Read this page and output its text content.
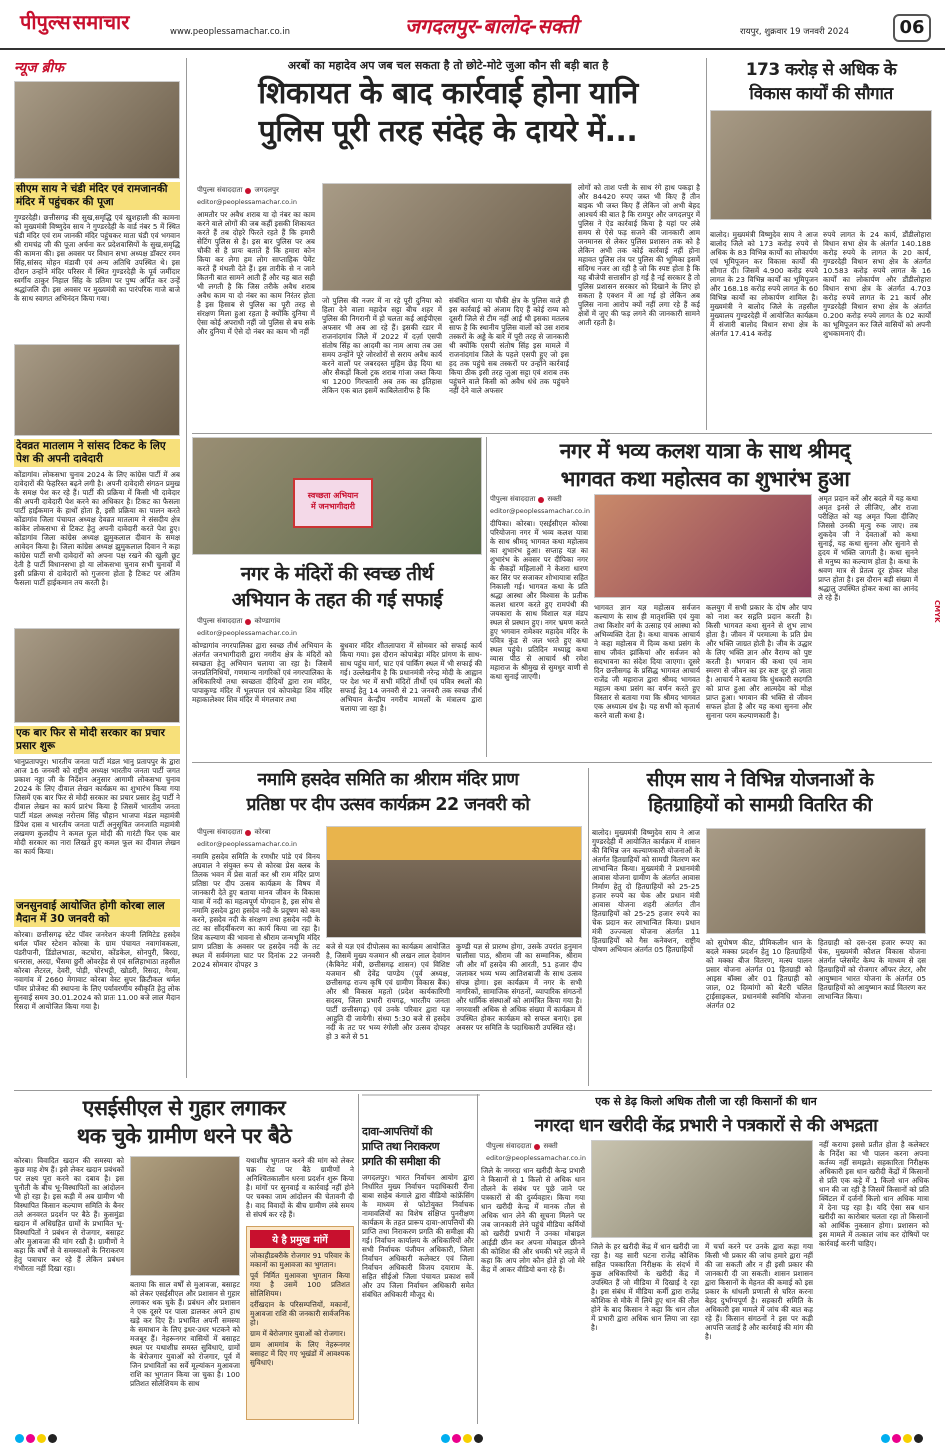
पीपुल्स समाचार	www.peoplessamachar.co.in	जगदलपुर-बालोद-सक्ती	रायपुर, शुक्रवार 19 जनवरी 2024	06
न्यूज ब्रीफ
सीएम साय ने चंडी मंदिर एवं रामजानकी मंदिर में पहुंचकर की पूजा
गुण्डरदेही। छत्तीसगढ़ की सुख,समृद्धि एवं खुशहाली की कामना को मुख्यमंत्री विष्णुदेव साय ने गुण्डरदेही के वार्ड नंबर 5 में स्थित चंडी मंदिर एवं राम जानकी मंदिर पहुंचकर माता चंडी एवं भगवान श्री रामचंद्र जी की पूजा अर्चना कर प्रदेशवासियों के सुख,समृद्धि की कामना की। इस अवसर पर विधान सभा अध्यक्ष डॉक्टर रमन सिंह,सांसद मोहन मंडावी एवं अन्य अतिथि उपस्थित थे। इस दौरान उन्होंने मंदिर परिसर में स्थित गुण्डरदेही के पूर्व जमींदार स्वर्गीय ठाकुर निहाल सिंह के प्रतिमा पर पुष्प अर्पित कर उन्हें श्रद्धांजलि दी। इस अवसर पर मुख्यमंत्री का पारंपरिक गाजे बाजे के साथ स्वागत अभिनंदन किया गया।
देवव्रत मातलाम ने सांसद टिकट के लिए पेश की अपनी दावेदारी
कोंडागांव। लोकसभा चुनाव 2024 के लिए कांग्रेस पार्टी में अब दावेदारों की फेहरिस्त बढ़ने लगी है। अपनी दावेदारी संगठन प्रमुख के समक्ष पेश कर रहे हैं। पार्टी की प्रक्रिया में किसी भी दावेदार की अपनी दावेदारी पेश करने का अधिकार है। टिकट का फैसला पार्टी हाईकमान के हाथों होता है, इसी प्रक्रिया का पालन करते कोंडागांव जिला पंचायत अध्यक्ष देवव्रत मातलाम ने संसदीय क्षेत्र कांकेर लोकसभा से टिकट हेतु अपनी दावेदारी करते पेश हुए। कोंडागांव जिला कांग्रेस अध्यक्ष झुमुकलाल दीवान के समक्ष आवेदन किया है। जिला कांग्रेस अध्यक्ष झुमुकलाल दिवान ने कहा कांग्रेस पार्टी सभी दावेदारों को अपना पक्ष रखने की खुली छूट देती है पार्टी विधानसभा हो या लोकसभा चुनाव सभी चुनावों में इसी प्रक्रिया से दावेदारों को गुजरना होता है टिकट पर अंतिम फैसला पार्टी हाईकमान तय करती है।
एक बार फिर से मोदी सरकार का प्रचार प्रसार शुरू
भानुप्रतापपुर। भारतीय जनता पार्टी मंडल भानु प्रतापपुर के द्वारा आज 16 जनवरी को राष्ट्रीय अध्यक्ष भारतीय जनता पार्टी जगत प्रकाश नड्डा जी के निर्देशन अनुसार आगामी लोकसभा चुनाव 2024 के लिए दीवाल लेखन कार्यक्रम का शुभारंभ किया गया जिसमें एक बार फिर से मोदी सरकार का प्रचार प्रसार हेतु पार्टी ने दीवाल लेखन का कार्य प्रारंभ किया है जिसमें भारतीय जनता पार्टी मंडल अध्यक्ष नरोत्तम सिंह चौहान भाजपा मंडल महामंत्री डिंपेश दास व भारतीय जनता पार्टी अनुसूचित जनजाति महामंत्री लखमण कुलदीप ने कमल फूल मोदी की गारंटी फिर एक बार मोदी सरकार का नारा लिखते हुए कमल फूल का दीवाल लेखन का कार्य किया।
जनसुनवाई आयोजित होगी कोरबा लाल मैदान में 30 जनवरी को
कोरबा। छत्तीसगढ़ स्टेट पॉवर जनरेशन कंपनी लिमिटेड हसदेव थर्मल पॉवर स्टेशन कोरबा के ग्राम पंचायत नवागांवकला, पंडरीपानी, डिंडोलभाठा, कटघोरा, कोंडकेल, सोनपुरी, बिरदा, धनरास, अरदा, भैंसमा छुरी ओवरहेड से एवं सलिहाभाठा तहसील कोरबा लैटरल, देवरी, पोड़ी, चोरभट्टी, खोडरी, रिसदा, गेरवा, नवागांव में 2660 मेगावाट कोरबा वेस्ट सुपर क्रिटीकल थर्मल पॉवर प्रोजेक्ट की स्थापना के लिए पर्यावरणीय स्वीकृति हेतु लोक सुनवाई समय 30.01.2024 को प्रातः 11.00 बजे लाल मैदान रिसदा में आयोजित किया गया है।
अरबों का महादेव अप जब चल सकता है तो छोटे-मोटे जुआ कौन सी बड़ी बात है
शिकायत के बाद कार्रवाई होना यानि
पुलिस पूरी तरह संदेह के दायरे में...
पीपुल्स संवाददाता जगदलपुर
editor@peoplessamachar.co.in
आमतौर पर अवैध शराब या दो नंबर का काम करने वाले लोगों की जब कहीं इसकी शिकायत करते हैं तब दोहरे फिरते रहते हैं कि हमारी सेटिंग पुलिस से है। इस बार पुलिस पर अब चौकी से है प्रायः बताते हैं कि हमारा कोन किया कर लेगा हम लोग साप्ताहिक पेमेंट करते हैं मंथली देते हैं। इस तारीके से न जाने कितनी बात सामने आती हैं और यह बात सही भी लगती है कि जिस तरीके अवैध शराब अवैध काम या दो नंबर का काम निरंतर होता है इस हिसाब से पुलिस का पूरी तरह से संरक्षण मिला हुआ रहता है क्योंकि दुनिया में ऐसा कोई अपराधी नहीं जो पुलिस से बच सके और दुनिया में ऐसे दो नंबर का काम भी नहीं
जो पुलिस की नजर में ना रहे पूरी दुनिया को हिला देने वाला महादेव सट्टा बीच शहर में पुलिस की निगरानी में हो चलता कई आईपीएस अफसर भी अब आ रहे हैं। इसकी रडार में राजनांदगांव जिले में 2022 में दर्ज़ा एसपी संतोष सिंह का आदमी का नाम आया तब उस समय उन्होंने पूरे जोरशोरों से सराय अवैध कार्य करने वालों पर जबरदस्त मुहिम छेड़ दिया था और सैकड़ों किलो ट्रक शराब गांजा जब्त किया था 1200 गिरफ्तारी अब तक का इतिहास लेकिन एक बात इसमें काबिलेतारीफ है कि
संबंधित थाना या चौकी क्षेत्र के पुलिस वाले ही इस कार्रवाई को अंजाम दिए हैं कोई राय्य को दूसरी जिले से टीम नहीं आई थी इसका मतलब साफ है कि स्थानीय पुलिस वालों को उस शराब तस्करों के अड्डे के बारे में पूरी तरह से जानकारी थी क्योंकि एसपी संतोष सिंह इस मामले में राजनांदगांव जिले के पहले एसपी हुए जो इस हद तक पहुंचे सब तस्करों पर उन्होंने कार्रवाई किया ठीक इसी तरह जुआ सट्टा एवं शराब तक पहुंचने वाले किसी को अवैध धंधे तक पहुंचने नहीं देने वाले अफसर
लोगों को ताश पत्ती के साथ रंगे हाथ पकड़ा है और 84420 रुपए जब्त भी किए हैं तीन बाइक भी जब्त किए हैं लेकिन जो अभी बेहद आश्चर्य की बात है कि रामपुर और जगदलपुर में पुलिस ने ऐड कार्रवाई किया है यहां पर लंबे समय से ऐसे फड़ सजने की जानकारी आम जनमानस से लेकर पुलिस प्रशासन तक को है लेकिन अभी तक कोई कार्रवाई नहीं होना महावत पुलिस तंत्र पर पुलिस की भूमिका इसमें संदिग्ध नजर आ रही है जो कि स्पष्ट होता है कि यह बीजेपी सत्तासीन हो गई है नई सरकार है तो पुलिस प्रशासन सरकार को दिखाने के लिए हो सकता है एक्शन में आ गई हो लेकिन अब पुलिस नाना आरोप क्यों नहीं लगा रहे हैं कई क्षेत्रों में जुए की फड़ लगने की जानकारी सामने आती रहती है।
173 करोड़ से अधिक के
विकास कार्यों की सौगात
बालोद। मुख्यमंत्री विष्णुदेव साय ने आज बालोद जिले को 173 करोड़ रुपये से अधिक के 83 विभिन्न कार्यों का लोकार्पण एवं भूमिपूजन कर विकास कार्यों की सौगात दी। जिसमें 4.900 करोड़ रुपये लागत के 23 विभिन्न कार्यों का भूमिपूजन और 168.18 करोड़ रुपये लागत के 60 विभिन्न कार्यों का लोकार्पण शामिल है। मुख्यमंत्री ने बालोद जिले के तहसील मुख्यालय गुण्डरदेही में आयोजित कार्यक्रम में संजारी बालोद विधान सभा क्षेत्र के अंतर्गत 17.414 करोड़
रुपये लागत के 24 कार्य, डौंडीलोहारा विधान सभा क्षेत्र के अंतर्गत 140.188 करोड़ रुपये के लागत के 20 कार्य, गुण्डरदेही विधान सभा क्षेत्र के अंतर्गत 10.583 करोड़ रुपये लागत के 16 कार्यों का लोकार्पण और डौंडीलोहारा विधान सभा क्षेत्र के अंतर्गत 4.703 करोड़ रुपये लागत के 21 कार्य और गुण्डरदेही विधान सभा क्षेत्र के अंतर्गत 0.200 करोड़ रुपये लागत के 02 कार्यों का भूमिपूजन कर जिले वासियों को अपनी शुभकामनाएं दी।
स्वच्छता अभियान
में जनभागीदारी
नगर के मंदिरों की स्वच्छ तीर्थ
अभियान के तहत की गई सफाई
पीपुल्स संवाददाता कोण्डागांव
editor@peoplessamachar.co.in
कोण्डागांव नगरपालिका द्वारा स्वच्छ तीर्थ अभियान के अंतर्गत जनभागीदारी द्वारा नगरीय क्षेत्र के मंदिरों को स्वच्छता हेतु अभियान चलाया जा रहा है। जिसमें जनप्रतिनिधियों, गणमान्य नागरिकों एवं नगरपालिका के अधिकारियों तथा स्वच्छता दीदियों द्वारा राम मंदिर, पापाकुण्ड मंदिर में भूलपाल एवं कोपाबेड़ा शिव मंदिर महाकालेश्वर शिव मंदिर में मंगलवार तथा
बुधवार मंदिर शीतलापारा में सोमवार को सफाई कार्य किया गया। इस दौरान कोपाबेड़ा मंदिर प्रांगण के साथ-साथ पहुंच मार्ग, घाट एवं पार्किंग स्थल में भी सफाई की गई। उल्लेखनीय है कि प्रधानमंत्री नरेन्द्र मोदी के आह्वान पर देश भर में सभी मंदिरों तीर्थों एवं पवित्र स्थलों की सफाई हेतु 14 जनवरी से 21 जनवरी तक स्वच्छ तीर्थ अभियान केन्द्रीय नगरीय मामलों के मंत्रालय द्वारा चलाया जा रहा है।
नगर में भव्य कलश यात्रा के साथ श्रीमद्
भागवत कथा महोत्सव का शुभारंभ हुआ
पीपुल्स संवाददाता सक्ती
editor@peoplessamachar.co.in
दीपिका। कोरबा। एसईसीएल कोरबा परियोजना नगर में भव्य कलश यात्रा के साथ श्रीमद् भागवत कथा महोत्सव का शुभारंभ हुआ। सप्ताह यज्ञ का शुभारंभ के अवसर पर दीपिका नगर के सैकड़ों महिलाओं ने केशरा धारण कर सिर पर सजाकर शोभायात्रा सहित निकाली गई। भागवत कथा के प्रति श्रद्धा आस्था और विश्वास के प्रतीक कलश धारण करते हुए रामपंथी की जयकारा के साथ विशाल यज्ञ मंडप स्थल से प्रस्थान हुए। नगर भ्रमण करते हुए भगवान रामेश्वर महादेव मंदिर के पवित्र कुंड से जल भरते हुए कथा स्थल पहुंचे। प्रतिदिन मध्याह्न कथा व्यास पीठ से आचार्य श्री रमेश महाराज के श्रीमुख से सुमधुर वाणी से कथा सुनाई जाएगी।
भागवत ज्ञान यज्ञ महोत्सव सर्वजन कल्याण के साथ ही मातृशक्ति एवं युवा तथा किशोर वर्ग के उत्साह एवं आस्था को अभिव्यक्ति देता है। कथा वाचक आचार्य ने कहा महोत्सव में दिव्य कथा प्रसंग के साथ जीवंत झांकियां और सर्वजन को सदभावना का संदेश दिया जाएगा। दूसरे दिन छत्तीसगढ़ के प्रसिद्ध भागवत आचार्य राजेंद्र जी महाराज द्वारा श्रीमद भागवत महात्म कथा प्रसंग का वर्णन करते हुए विस्तार से बताया गया कि श्रीमद भागवत एक अध्यात्म ग्रंथ है। यह सभी को कृतार्थ करने वाली कथा है।
कलयुग में सभी प्रकार के दोष और पाप को नाश कर सद्गति प्रदान करती है। किसी भागवत कथा सुनने से शुभ लाभ होता है। जीवन में परमात्मा के प्रति प्रेम और भक्ति जाग्रत होती है। जीव के उद्धार के लिए भक्ति ज्ञान और वैराग्य को पुष्ट करती है। भगवान की कथा एवं नाम स्मरण से जीवन का हर कष्ट दूर हो जाता है। आचार्य ने बताया कि धुंधकारी सदगति को प्राप्त हुआ और आत्मदेव को मोक्ष प्राप्त हुआ। भगवान की भक्ति से जीवन सफल होता है और यह कथा सुनना और सुनाना परम कल्याणकारी है।
अमृत प्रदान करें और बदले में यह कथा अमृत इनसे ले लीजिए, और राजा परीक्षित को यह अमृत पिला दीजिए जिससे उनकी मृत्यु रुक जाए। तब शुकदेव जी ने देवताओं को कथा सुनाई, यह कथा सुनना और सुनाने से हृदय में भक्ति जागती है। कथा सुनने से मनुष्य का कल्याण होता है। कथा के श्रवण मात्र से प्रेतत्व दूर होकर मोक्ष प्राप्त होता है। इस दौरान बड़ी संख्या में श्रद्धालु उपस्थित होकर कथा का आनंद ले रहे हैं।
CMYK
नमामि हसदेव समिति का श्रीराम मंदिर प्राण
प्रतिष्ठा पर दीप उत्सव कार्यक्रम 22 जनवरी को
पीपुल्स संवाददाता कोरबा
editor@peoplessamachar.co.in
नमामि हसदेव समिति के रणधीर पांडे एवं विनय अग्रवाल ने संयुक्त रूप से कोरबा प्रेस क्लब के तिलक भवन में प्रेस वार्ता कर श्री राम मंदिर प्राण प्रतिष्ठा पर दीप उत्सव कार्यक्रम के विषय में जानकारी देते हुए बताया मानव जीवन के विकास यात्रा में नदी का महत्वपूर्ण योगदान है, इस सोच से नमामि हसदेव द्वारा हसदेव नदी के प्रदूषण को कम करने, हसदेव नदी के संरक्षण तथा हसदेव नदी के तट का सौंदर्यीकरण का कार्य किया जा रहा है। शिव कल्याण की भावना से श्रीराम जन्मभूमि मंदिर प्राण प्रतिष्ठा के अवसर पर हसदेव नदी के तट स्थल में सर्वमंगला घाट पर दिनांक 22 जनवरी 2024 सोमवार दोपहर 3
बजे से यज्ञ एवं दीपोत्सव का कार्यक्रम आयोजित है, जिसमें मुख्य यजमान श्री लखन लाल देवांगन (कैबिनेट मंत्री, छत्तीसगढ़ शासन) एवं विशिष्ट यजमान श्री देवेंद्र पाण्डेय (पूर्व अध्यक्ष, छत्तीसगढ़ राज्य कृषि एवं ग्रामीण विकास बैंक) और श्री विकास महतो (प्रदेश कार्यकारिणी सदस्य, जिला प्रभारी रायगढ़, भारतीय जनता पार्टी छत्तीसगढ़) एवं उनके परिवार द्वारा यज्ञ आहुति दी जायेगी। संध्या 5:30 बजे से हसदेव नदी के तट पर भव्य रंगोली और उत्सव दोपहर हो 3 बजे से 51
कुण्डी यज्ञ से प्रारम्भ होगा, उसके उपरांत हनुमान चालीसा पाठ, श्रीराम जी का सम्मानिक, श्रीराम जी और माँ हसदेव की आरती, 51 हजार दीप जलाकर भव्य भव्य आतिशबाजी के साथ उत्सव संपन्न होगा। इस कार्यक्रम में नगर के सभी नागरिकों, सामाजिक संगठनों, व्यापारिक संगठनों और धार्मिक संस्थाओं को आमंत्रित किया गया है। नगरवासी अधिक से अधिक संख्या में कार्यक्रम में उपस्थित होकर कार्यक्रम को सफल बनाएं। इस अवसर पर समिति के पदाधिकारी उपस्थित रहे।
सीएम साय ने विभिन्न योजनाओं के
हितग्राहियों को सामग्री वितरित की
बालोद। मुख्यमंत्री विष्णुदेव साय ने आज गुण्डरदेही में आयोजित कार्यक्रम में शासन की विभिन्न जन कल्याणकारी योजनाओं के अंतर्गत हितग्राहियों को सामग्री वितरण कर लाभान्वित किया। मुख्यमंत्री ने प्रधानमंत्री आवास योजना ग्रामीण के अंतर्गत आवास निर्माण हेतु दो हितग्राहियों को 25-25 हजार रुपये का चेक और प्रधान मंत्री आवास योजना शहरी अंतर्गत तीन हितग्राहियों को 25-25 हजार रुपये का चेक प्रदान कर लाभान्वित किया। प्रधान मंत्री उज्ज्वला योजना अंतर्गत 11 हितग्राहियों को गैस कनेक्शन, राष्ट्रीय पोषण अभियान अंतर्गत 05 हितग्राहियों
को सुपोषण कीट, प्रीमिकलीन धान के बदले मक्का प्रदर्शन हेतु 10 हितग्राहियों को मक्का बीज वितरण, मत्स्य पालन प्रसार योजना अंतर्गत 01 हितग्राही को आइस बॉक्स और 01 हितग्राही को जाल, 02 दिव्यांगो को बैटरी चलित ट्राईसाइकल, प्रधानमंत्री स्वनिधि योजना अंतर्गत 02
हितग्राही को दस-दस हजार रूपए का चेक, मुख्यमंत्री कौशल विकास योजना अंतर्गत प्लेसमेंट केम्प के माध्यम से दस हितग्राहियों को रोजगार ऑफर लेटर, और आयुष्मान भारत योजना के अंतर्गत 05 हितग्राहियों को आयुष्मान कार्ड वितरण कर लाभान्वित किया।
एसईसीएल से गुहार लगाकर
थक चुके ग्रामीण धरने पर बैठे
कोरबा। विवादित खदान की समस्या को कुछ माह शेष हैं। इसे लेकर खदान प्रबंधकों पर लक्ष्य पूरा करने का दबाव है। इस चुनौती के बीच भू-विस्थापितों का आंदोलन भी हो रहा है। इस कड़ी में अब ग्रामीण भी विस्थापित किसान कल्याण समिति के बैनर तले अनवरत प्रदर्शन पर बैठे हैं। कुसमुंडा खदान में अधिग्रहित ग्रामों के प्रभावित भू-विस्थापितों ने प्रबंधन से रोजगार, बसाहट और मुआवजा की मांग रखी है। ग्रामीणों ने कहा कि वर्षों से वे समस्याओं के निराकरण हेतु पत्राचार कर रहे हैं लेकिन प्रबंधन गंभीरता नहीं दिखा रहा।
बताया कि साल वर्षों से मुआवजा, बसाहट को लेकर एसईसीएल और प्रशासन से गुहार लगाकर थक चुके हैं। प्रबंधन और प्रशासन ने एक दूसरे पर पाला डालकर अपने हाथ खड़े कर दिए हैं। प्रभावित अपनी समस्या के समाधान के लिए इधर-उधर भटकने को मजबूर हैं। नेहरूनगर वासियों में बसाहट स्थल पर यथाशीघ्र समस्त सुविधाएं, ग्रामों के बेरोजगार युवाओं को रोजगार, पूर्व में जिन प्रभावितों का सर्वे मूल्यांकन मुआवजा राशि का भुगतान किया जा चुका है। 100 प्रतिशत सोलेशियम के साथ
यथाशीघ्र भुगतान करने की मांग को लेकर चक्र रोड पर बैठे ग्रामीणों ने अनिश्चितकालीन धरना प्रदर्शन शुरू किया है। मांगों पर सुनवाई व कार्रवाई नहीं होने पर चक्का जाम आंदोलन की चेतावनी दी है। वाद विवादों के बीच ग्रामीण लंबे समय से संघर्ष कर रहे हैं।
ये है प्रमुख मांगें
जोकाहीडबरीके रोजगार 91 परिवार के मकानों का मुआवजा का भुगतान।
पूर्व निर्मित मुआवजा भुगतान किया गया है उसमें 100 प्रतिशत सोलिशियम।
दर्रीखदान के परिसम्पत्तियों, मकानों, मुआवजा राशि की जनकारी सार्वजनिक हो।
ग्राम में बेरोजगार युवाओं को रोजगार।
ग्राम आमगांव के लिए नेहरूनगर बसाहट में दिए गए भूखंडों में आवश्यक सुविधाएं।
दावा-आपत्तियों की
प्राप्ति तथा निराकरण
प्रगति की समीक्षा की
जगदलपुर। भारत निर्वाचन आयोग द्वारा निर्धारित मुख्य निर्वाचन पदाधिकारी रीना बाबा साहेब कंगाले द्वारा वीडियो कांफ्रेंसिंग के माध्यम से फोटोयुक्त निर्वाचक नामावलियों का विशेष संक्षिप्त पुनरीक्षण कार्यक्रम के तहत प्रारूप दावा-आपत्तियों की प्राप्ति तथा निराकरण प्रगति की समीक्षा की गई। निर्वाचन कार्यालय के अधिकारियों और सभी निर्वाचक पंजीयन अधिकारी, जिला निर्वाचन अधिकारी कलेक्टर एवं जिला निर्वाचन अधिकारी विजय दयाराम के. सहित सीईओ जिला पंचायत प्रकाश सर्वे और उप जिला निर्वाचन अधिकारी समेत संबंधित अधिकारी मौजूद थे।
एक से डेढ़ किलो अधिक तौली जा रही किसानों की धान
नगरदा धान खरीदी केंद्र प्रभारी ने पत्रकारों से की अभद्रता
पीपुल्स संवाददाता सक्ती
editor@peoplessamachar.co.in
जिले के नगरदा धान खरीदी केन्द्र प्रभारी ने किसानों से 1 किलो से अधिक धान तौलने के संबंध पर पूछे जाने पर पत्रकारों से की दुर्व्यवहार। किया गया धान खरीदी केन्द्र में मानक तौल से अधिक धान लेने की सूचना मिलने पर जब जानकारी लेने पहुंचे मीडिया कर्मियों को खरीदी प्रभारी ने उनका मोबाइल आईडी छीन कर अपना मोबाइल छीनने की कोशिश की और धमकी भरे लहजे में कहा कि आप लोग कौन होते हो जो मेरे केंद्र में आकर वीडियो बना रहे हैं।
जिले के हर खरीदी केंद्र में धान खरीदी जा रहा है। यह सारी घटना राजेंद्र कौशिक सहित पत्रकारिता निरीक्षक के संदर्भ में कुछ अधिकारियों के खरीदी केंद्र में उपस्थित हैं जो मीडिया में दिखाई दे रहा है। इस संबंध में मीडिया कर्मी द्वारा राजेंद्र कौशिक से मौके में लिये हुए धान की तौल होने के बाद किसान ने कहा कि धान तौल में प्रभारी द्वारा अधिक धान लिया जा रहा है।
में चर्चा करने पर उनके द्वारा कहा गया किसी भी प्रकार की जांच हमारे द्वारा नहीं की जा सकती और न ही इसी प्रकार की जानकारी दी जा सकती। शासन प्रशासन द्वारा किसानों के मेहनत की कमाई को इस प्रकार के धांधली प्रणाली से चरित करना बेहद दुर्भाग्यपूर्ण है। सहकारी समिति के अधिकारी इस मामले में जांच की बात कह रहे हैं। किसान संगठनों ने इस पर कड़ी आपत्ति जताई है और कार्रवाई की मांग की है।
नहीं कराया इससे प्रतीत होता है कलेक्टर के निर्देश का भी पालन करना अपना कर्तव्य नहीं समझते। सहकारिता निरीक्षक अधिकारी इस धान खरीदी केंद्रों में किसानों से प्रति एक कट्टे में 1 किलो धान अधिक धान की जा रही है जिसमें किसानों को प्रति क्विंटल में दर्जनों किलो धान अधिक मात्रा में देना पड़ रहा है। यदि ऐसा सब धान खरीदी का कारोबार चलता रहा तो किसानों को आर्थिक नुकसान होगा। प्रशासन को इस मामले में तत्काल जांच कर दोषियों पर कार्रवाई करनी चाहिए।
